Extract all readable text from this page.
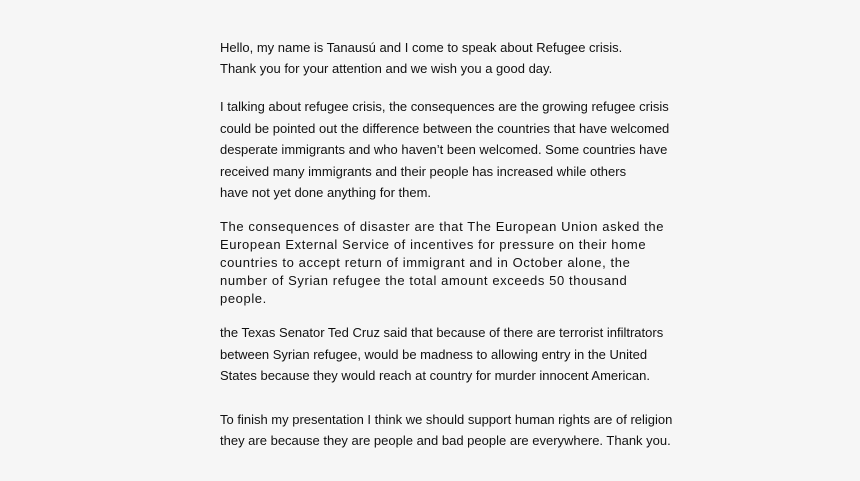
Hello, my name is Tanausú and I come to speak about Refugee crisis.
Thank you for your attention and we wish you a good day.

I talking about refugee crisis, the consequences are the growing refugee crisis
could be pointed out the difference between the countries that have welcomed
desperate immigrants and who haven’t been welcomed. Some countries have
received many immigrants and their people has increased while others
have not yet done anything for them.

The consequences of disaster are that The European Union asked the
European External Service of incentives for pressure on their home
countries to accept return of immigrant and in October alone, the
number of Syrian refugee the total amount exceeds 50 thousand
people.

the Texas Senator Ted Cruz said that because of there are terrorist infiltrators
between Syrian refugee, would be madness to allowing entry in the United
States because they would reach at country for murder innocent American.

To finish my presentation I think we should support human rights are of religion
they are because they are people and bad people are everywhere. Thank you.
